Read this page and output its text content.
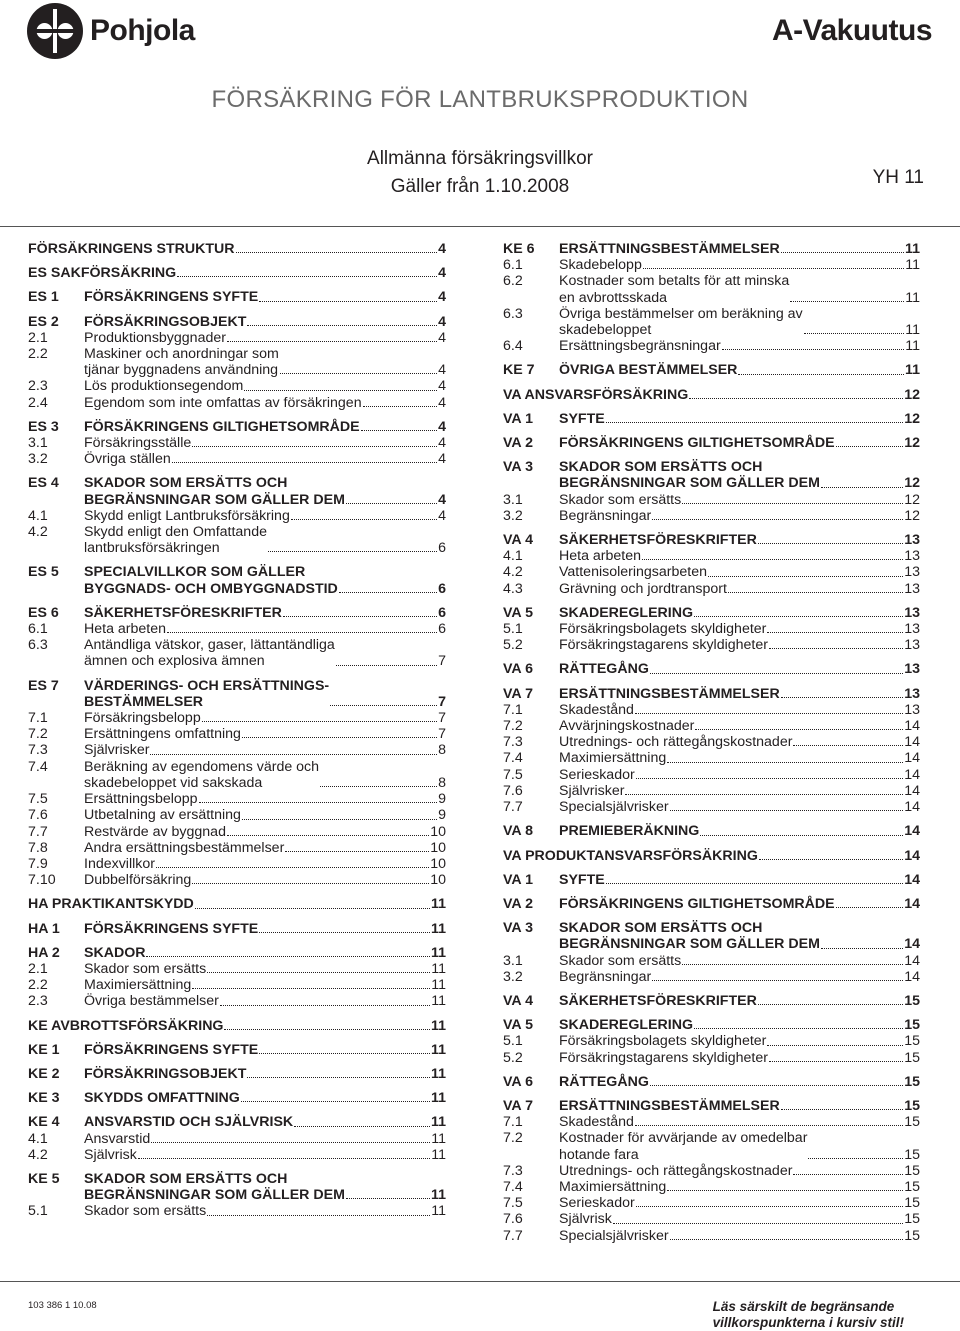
Pohjola	A-Vakuutus
FÖRSÄKRING FÖR LANTBRUKSPRODUKTION
Allmänna försäkringsvillkor
Gäller från 1.10.2008	YH 11
FÖRSÄKRINGENS STRUKTUR	4
ES SAKFÖRSÄKRING	4
ES 1	FÖRSÄKRINGENS SYFTE	4
ES 2	FÖRSÄKRINGSOBJEKT	4
2.1	Produktionsbyggnader	4
2.2	Maskiner och anordningar som
tjänar byggnadens användning	4
2.3	Lös produktionsegendom	4
2.4	Egendom som inte omfattas av försäkringen	4
ES 3	FÖRSÄKRINGENS GILTIGHETSOMRÅDE	4
3.1	Försäkringsställe	4
3.2	Övriga ställen	4
ES 4	SKADOR SOM ERSÄTTS OCH
BEGRÄNSNINGAR SOM GÄLLER DEM	4
4.1	Skydd enligt Lantbruksförsäkring	4
4.2	Skydd enligt den Omfattande
lantbruksförsäkringen	6
ES 5	SPECIALVILLKOR SOM GÄLLER
BYGGNADS- OCH OMBYGGNADSTID	6
ES 6	SÄKERHETSFÖRESKRIFTER	6
6.1	Heta arbeten	6
6.3	Antändliga vätskor, gaser, lättantändliga
ämnen och explosiva ämnen	7
ES 7	VÄRDERINGS- OCH ERSÄTTNINGS-
BESTÄMMELSER	7
7.1	Försäkringsbelopp	7
7.2	Ersättningens omfattning	7
7.3	Självrisker	8
7.4	Beräkning av egendomens värde och
skadebeloppet vid sakskada	8
7.5	Ersättningsbelopp	9
7.6	Utbetalning av ersättning	9
7.7	Restvärde av byggnad	10
7.8	Andra ersättningsbestämmelser	10
7.9	Indexvillkor	10
7.10	Dubbelförsäkring	10
HA PRAKTIKANTSKYDD	11
HA 1	FÖRSÄKRINGENS SYFTE	11
HA 2	SKADOR	11
2.1	Skador som ersätts	11
2.2	Maximiersättning	11
2.3	Övriga bestämmelser	11
KE AVBROTTSFÖRSÄKRING	11
KE 1	FÖRSÄKRINGENS SYFTE	11
KE 2	FÖRSÄKRINGSOBJEKT	11
KE 3	SKYDDS OMFATTNING	11
KE 4	ANSVARSTID OCH SJÄLVRISK	11
4.1	Ansvarstid	11
4.2	Självrisk	11
KE 5	SKADOR SOM ERSÄTTS OCH
BEGRÄNSNINGAR SOM GÄLLER DEM	11
5.1	Skador som ersätts	11
KE 6	ERSÄTTNINGSBESTÄMMELSER	11
6.1	Skadebelopp	11
6.2	Kostnader som betalts för att minska
en avbrottsskada	11
6.3	Övriga bestämmelser om beräkning av
skadebeloppet	11
6.4	Ersättningsbegränsningar	11
KE 7	ÖVRIGA BESTÄMMELSER	11
VA ANSVARSFÖRSÄKRING	12
VA 1	SYFTE	12
VA 2	FÖRSÄKRINGENS GILTIGHETSOMRÅDE	12
VA 3	SKADOR SOM ERSÄTTS OCH
BEGRÄNSNINGAR SOM GÄLLER DEM	12
3.1	Skador som ersätts	12
3.2	Begränsningar	12
VA 4	SÄKERHETSFÖRESKRIFTER	13
4.1	Heta arbeten	13
4.2	Vattenisoleringsarbeten	13
4.3	Grävning och jordtransport	13
VA 5	SKADEREGLERING	13
5.1	Försäkringsbolagets skyldigheter	13
5.2	Försäkringstagarens skyldigheter	13
VA 6	RÄTTEGÅNG	13
VA 7	ERSÄTTNINGSBESTÄMMELSER	13
7.1	Skadestånd	13
7.2	Avvärjningskostnader	14
7.3	Utrednings- och rättegångskostnader	14
7.4	Maximiersättning	14
7.5	Serieskador	14
7.6	Självrisker	14
7.7	Specialsjälvrisker	14
VA 8	PREMIEBERÄKNING	14
VA PRODUKTANSVARSFÖRSÄKRING	14
VA 1	SYFTE	14
VA 2	FÖRSÄKRINGENS GILTIGHETSOMRÅDE	14
VA 3	SKADOR SOM ERSÄTTS OCH
BEGRÄNSNINGAR SOM GÄLLER DEM	14
3.1	Skador som ersätts	14
3.2	Begränsningar	14
VA 4	SÄKERHETSFÖRESKRIFTER	15
VA 5	SKADEREGLERING	15
5.1	Försäkringsbolagets skyldigheter	15
5.2	Försäkringstagarens skyldigheter	15
VA 6	RÄTTEGÅNG	15
VA 7	ERSÄTTNINGSBESTÄMMELSER	15
7.1	Skadestånd	15
7.2	Kostnader för avvärjande av omedelbar
hotande fara	15
7.3	Utrednings- och rättegångskostnader	15
7.4	Maximiersättning	15
7.5	Serieskador	15
7.6	Självrisk	15
7.7	Specialsjälvrisker	15
103 386 1 10.08	Läs särskilt de begränsande
villkorspunkterna i kursiv stil!
